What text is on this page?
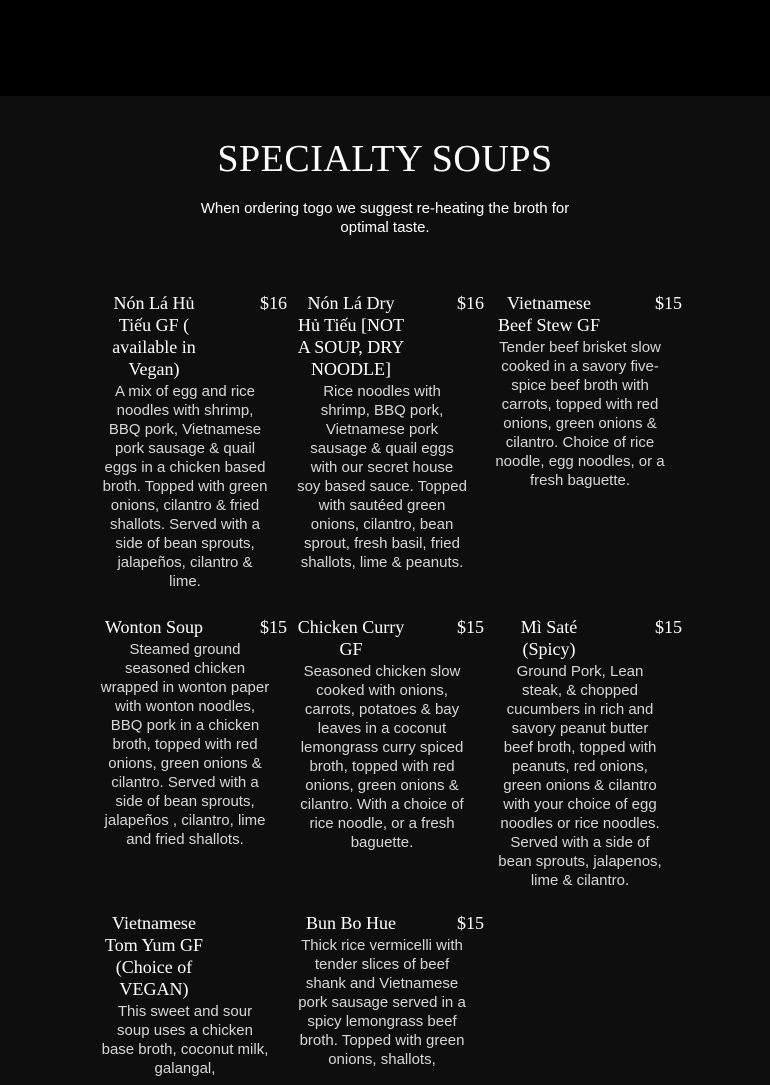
SPECIALTY SOUPS
When ordering togo we suggest re-heating the broth for optimal taste.
Nón Lá Hủ Tiếu GF ( available in Vegan)
$16
A mix of egg and rice noodles with shrimp, BBQ pork, Vietnamese pork sausage & quail eggs in a chicken based broth. Topped with green onions, cilantro & fried shallots. Served with a side of bean sprouts, jalapeños, cilantro & lime.
Nón Lá Dry Hủ Tiếu [NOT A SOUP, DRY NOODLE]
$16
Rice noodles with shrimp, BBQ pork, Vietnamese pork sausage & quail eggs with our secret house soy based sauce. Topped with sautéed green onions, cilantro, bean sprout, fresh basil, fried shallots, lime & peanuts.
Vietnamese Beef Stew GF
$15
Tender beef brisket slow cooked in a savory five-spice beef broth with carrots, topped with red onions, green onions & cilantro. Choice of rice noodle, egg noodles, or a fresh baguette.
Wonton Soup	$15
Steamed ground seasoned chicken wrapped in wonton paper with wonton noodles, BBQ pork in a chicken broth, topped with red onions, green onions & cilantro. Served with a side of bean sprouts, jalapeños , cilantro, lime and fried shallots.
Chicken Curry GF
$15
Seasoned chicken slow cooked with onions, carrots, potatoes & bay leaves in a coconut lemongrass curry spiced broth, topped with red onions, green onions & cilantro. With a choice of rice noodle, or a fresh baguette.
Mì Saté (Spicy)
$15
Ground Pork, Lean steak, & chopped cucumbers in rich and savory peanut butter beef broth, topped with peanuts, red onions, green onions & cilantro with your choice of egg noodles or rice noodles. Served with a side of bean sprouts, jalapenos, lime & cilantro.
Vietnamese Tom Yum GF (Choice of VEGAN)
This sweet and sour soup uses a chicken base broth, coconut milk, galangal,
Bun Bo Hue	$15
Thick rice vermicelli with tender slices of beef shank and Vietnamese pork sausage served in a spicy lemongrass beef broth. Topped with green onions, shallots,
